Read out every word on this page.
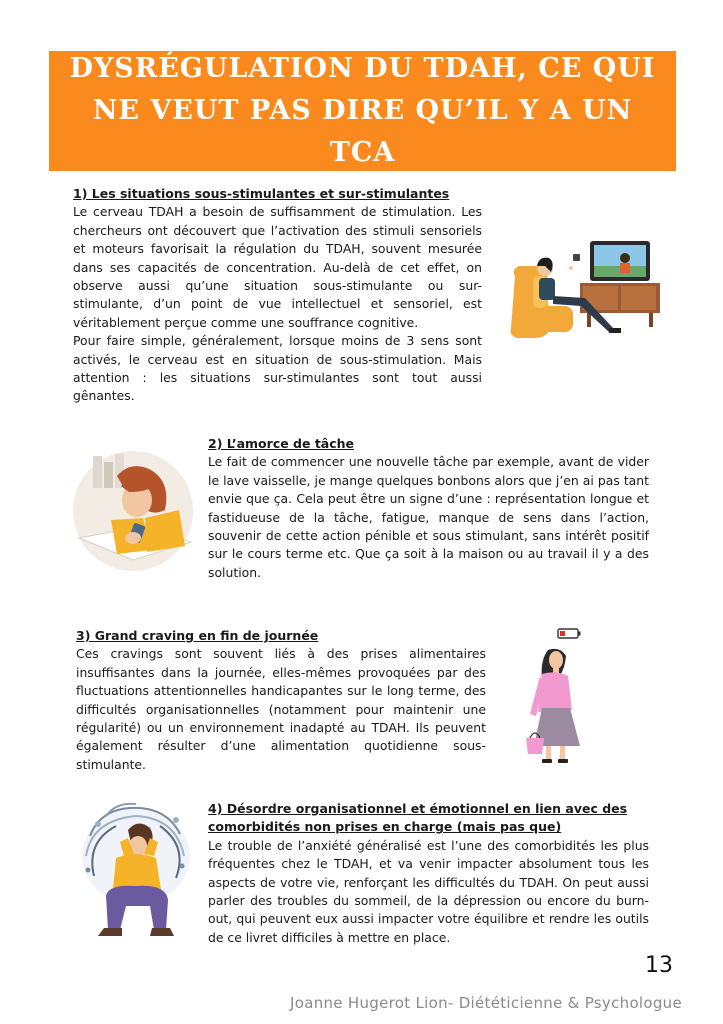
DYSRÉGULATION DU TDAH, CE QUI NE VEUT PAS DIRE QU’IL Y A UN TCA

1) Les situations sous-stimulantes et sur-stimulantes

Le cerveau TDAH a besoin de suffisamment de stimulation. Les chercheurs ont découvert que l’activation des stimuli sensoriels et moteurs favorisait la régulation du TDAH, souvent mesurée dans ses capacités de concentration. Au-delà de cet effet, on observe aussi qu’une situation sous-stimulante ou sur-stimulante, d’un point de vue intellectuel et sensoriel, est véritablement perçue comme une souffrance cognitive.

Pour faire simple, généralement, lorsque moins de 3 sens sont activés, le cerveau est en situation de sous-stimulation. Mais attention : les situations sur-stimulantes sont tout aussi gênantes.

2) L’amorce de tâche

Le fait de commencer une nouvelle tâche par exemple, avant de vider le lave vaisselle, je mange quelques bonbons alors que j’en ai pas tant envie que ça. Cela peut être un signe d’une : représentation longue et fastidueuse de la tâche, fatigue, manque de sens dans l’action, souvenir de cette action pénible et sous stimulant, sans intérêt positif sur le cours terme etc. Que ça soit à la maison ou au travail il y a des solution.

3) Grand craving en fin de journée

Ces cravings sont souvent liés à des prises alimentaires insuffisantes dans la journée, elles-mêmes provoquées par des fluctuations attentionnelles handicapantes sur le long terme, des difficultés organisationnelles (notamment pour maintenir une régularité) ou un environnement inadapté au TDAH. Ils peuvent également résulter d’une alimentation quotidienne sous-stimulante.

4) Désordre organisationnel et émotionnel en lien avec des comorbidités non prises en charge (mais pas que)

Le trouble de l’anxiété généralisé est l’une des comorbidités les plus fréquentes chez le TDAH, et va venir impacter absolument tous les aspects de votre vie, renforçant les difficultés du TDAH. On peut aussi parler des troubles du sommeil, de la dépression ou encore du burn-out, qui peuvent eux aussi impacter votre équilibre et rendre les outils de ce livret difficiles à mettre en place.

13
Joanne Hugerot Lion- Diététicienne & Psychologue
